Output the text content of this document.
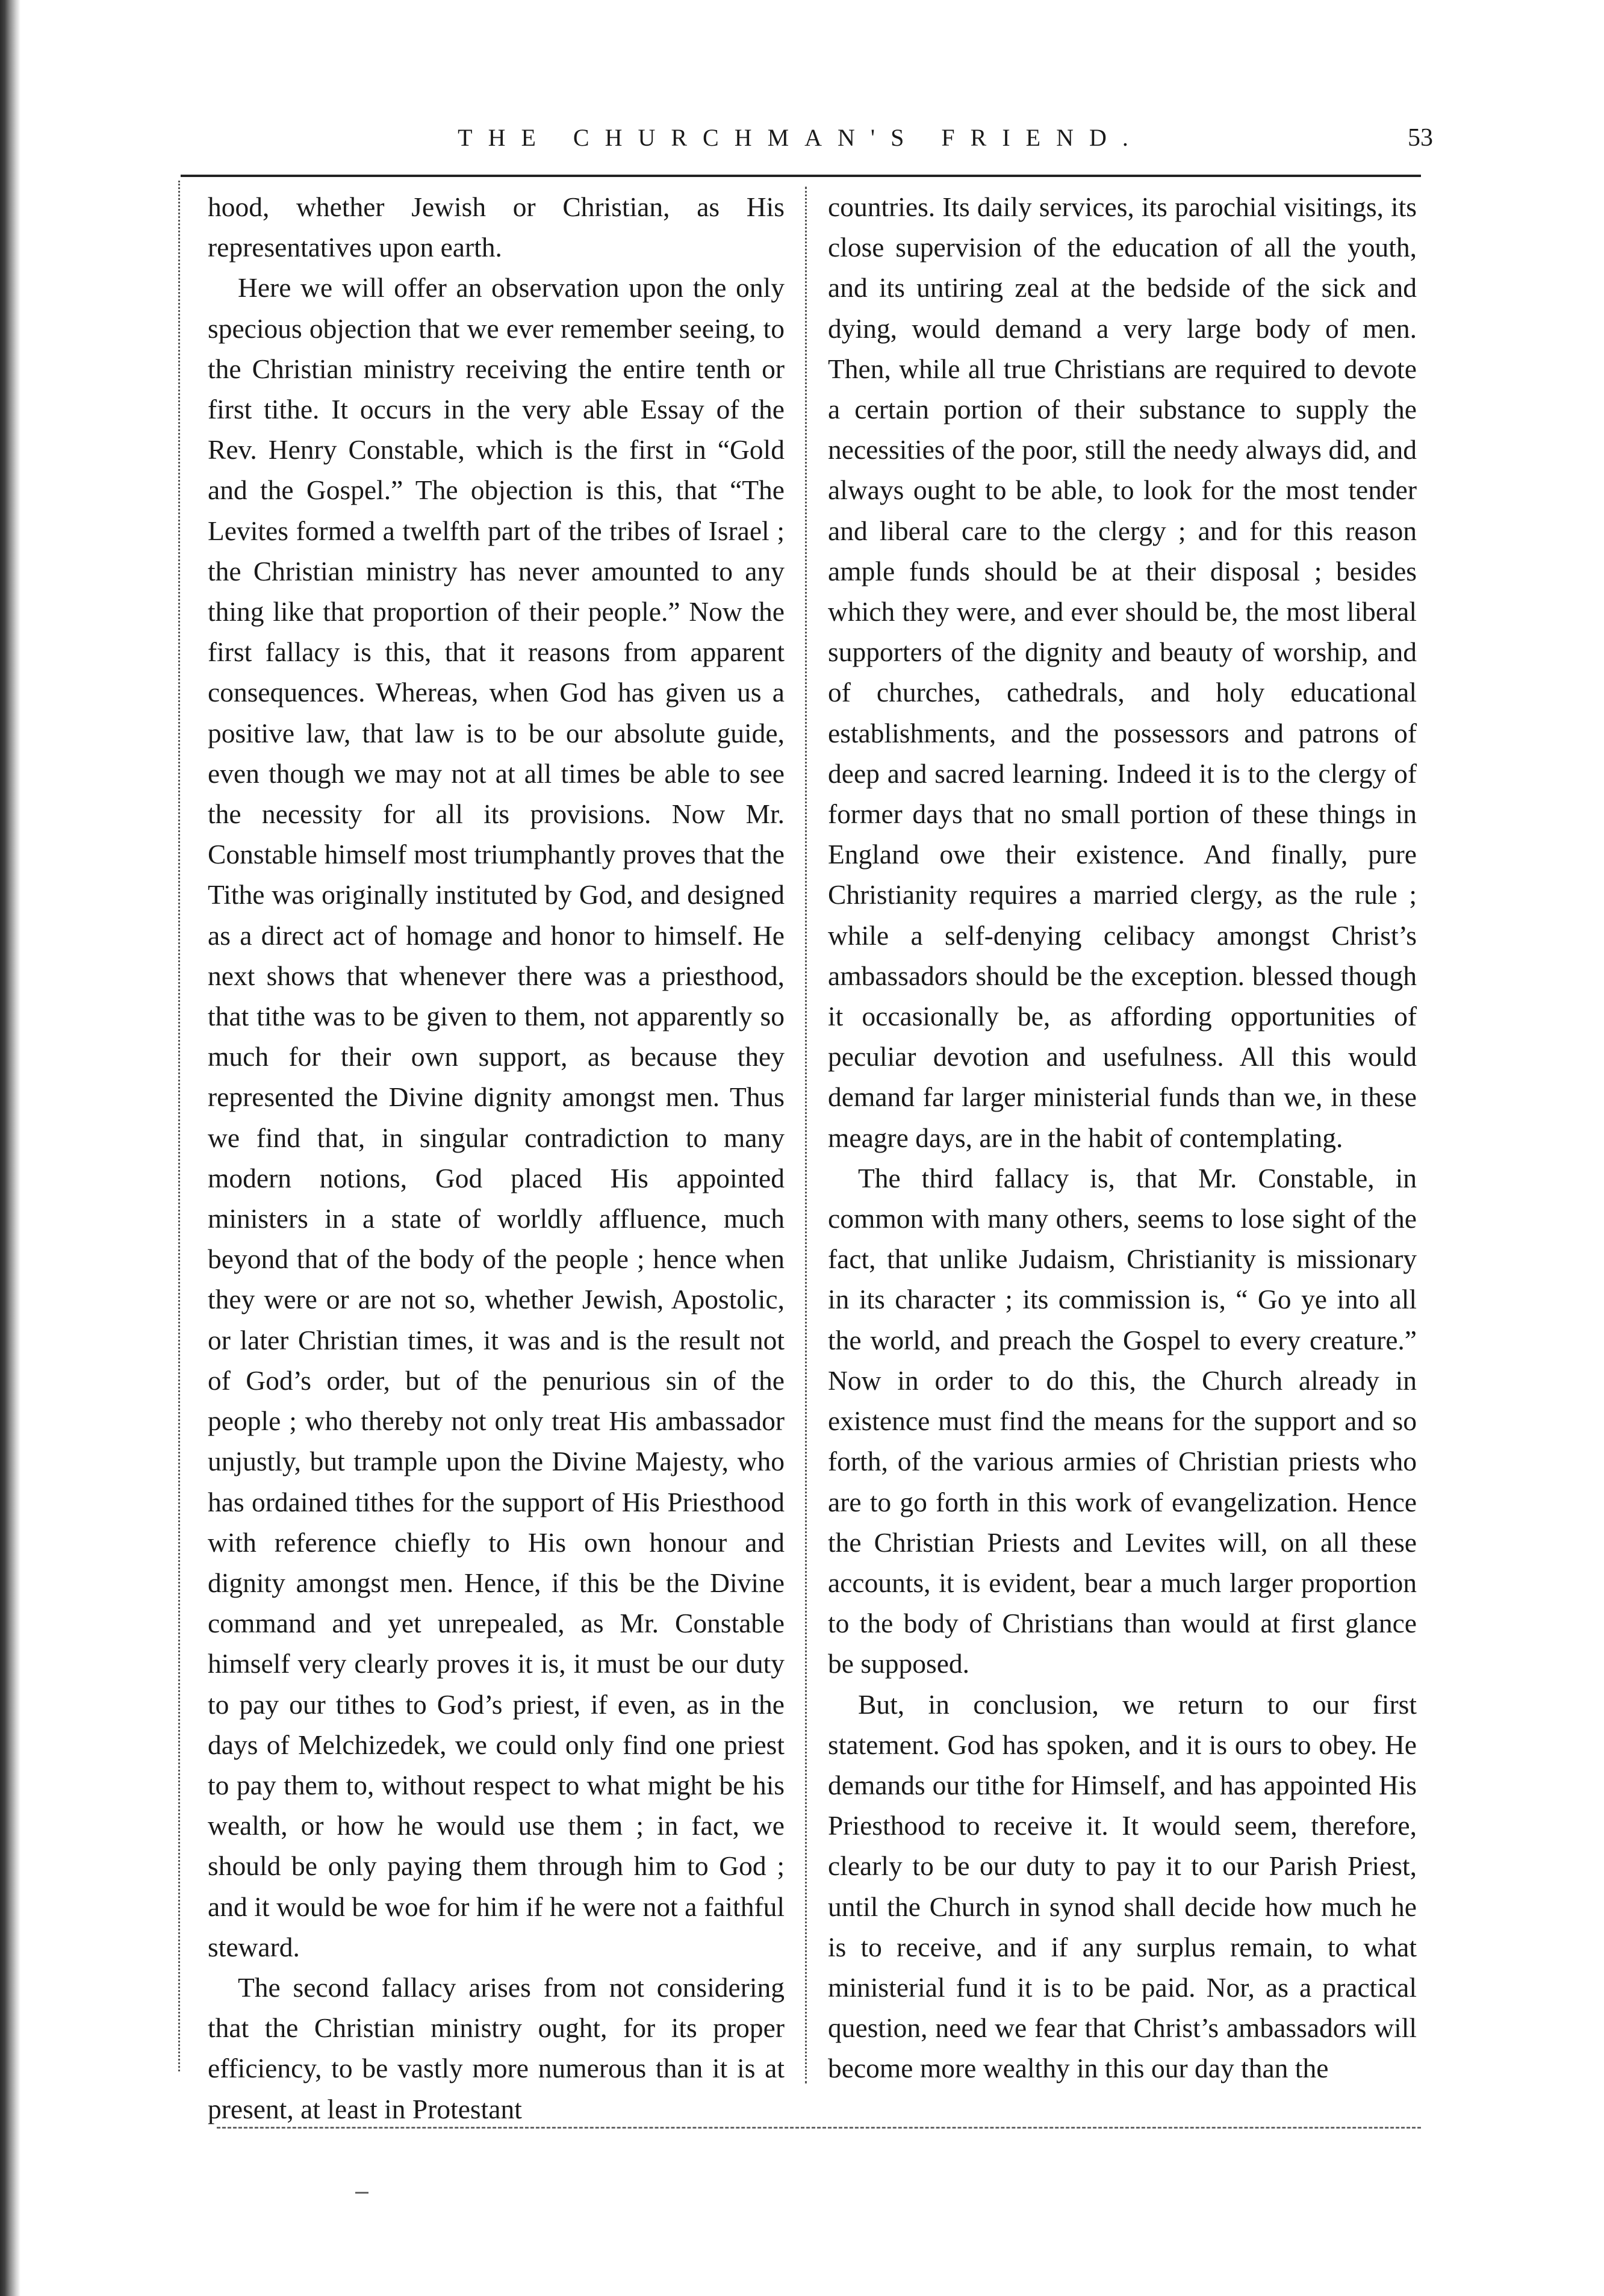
THE CHURCHMAN'S FRIEND.	53

hood, whether Jewish or Christian, as His representatives upon earth.

Here we will offer an observation upon the only specious objection that we ever remember seeing, to the Christian ministry receiving the entire tenth or first tithe. It occurs in the very able Essay of the Rev. Henry Constable, which is the first in “Gold and the Gospel.” The objection is this, that “The Levites formed a twelfth part of the tribes of Israel ; the Christian ministry has never amounted to any thing like that proportion of their people.” Now the first fallacy is this, that it reasons from apparent consequences. Whereas, when God has given us a positive law, that law is to be our absolute guide, even though we may not at all times be able to see the necessity for all its provisions. Now Mr. Constable himself most triumphantly proves that the Tithe was originally instituted by God, and designed as a direct act of homage and honor to himself. He next shows that whenever there was a priesthood, that tithe was to be given to them, not apparently so much for their own support, as because they represented the Divine dignity amongst men. Thus we find that, in singular contradiction to many modern notions, God placed His appointed ministers in a state of worldly affluence, much beyond that of the body of the people ; hence when they were or are not so, whether Jewish, Apostolic, or later Christian times, it was and is the result not of God’s order, but of the penurious sin of the people ; who thereby not only treat His ambassador unjustly, but trample upon the Divine Majesty, who has ordained tithes for the support of His Priesthood with reference chiefly to His own honour and dignity amongst men. Hence, if this be the Divine command and yet unrepealed, as Mr. Constable himself very clearly proves it is, it must be our duty to pay our tithes to God’s priest, if even, as in the days of Melchizedek, we could only find one priest to pay them to, without respect to what might be his wealth, or how he would use them ; in fact, we should be only paying them through him to God ; and it would be woe for him if he were not a faithful steward.

The second fallacy arises from not considering that the Christian ministry ought, for its proper efficiency, to be vastly more numerous than it is at present, at least in Protestant

countries. Its daily services, its parochial visitings, its close supervision of the education of all the youth, and its untiring zeal at the bedside of the sick and dying, would demand a very large body of men. Then, while all true Christians are required to devote a certain portion of their substance to supply the necessities of the poor, still the needy always did, and always ought to be able, to look for the most tender and liberal care to the clergy ; and for this reason ample funds should be at their disposal ; besides which they were, and ever should be, the most liberal supporters of the dignity and beauty of worship, and of churches, cathedrals, and holy educational establishments, and the possessors and patrons of deep and sacred learning. Indeed it is to the clergy of former days that no small portion of these things in England owe their existence. And finally, pure Christianity requires a married clergy, as the rule ; while a self-denying celibacy amongst Christ’s ambassadors should be the exception. blessed though it occasionally be, as affording opportunities of peculiar devotion and usefulness. All this would demand far larger ministerial funds than we, in these meagre days, are in the habit of contemplating.

The third fallacy is, that Mr. Constable, in common with many others, seems to lose sight of the fact, that unlike Judaism, Christianity is missionary in its character ; its commission is, “ Go ye into all the world, and preach the Gospel to every creature.” Now in order to do this, the Church already in existence must find the means for the support and so forth, of the various armies of Christian priests who are to go forth in this work of evangelization. Hence the Christian Priests and Levites will, on all these accounts, it is evident, bear a much larger proportion to the body of Christians than would at first glance be supposed.

But, in conclusion, we return to our first statement. God has spoken, and it is ours to obey. He demands our tithe for Himself, and has appointed His Priesthood to receive it. It would seem, therefore, clearly to be our duty to pay it to our Parish Priest, until the Church in synod shall decide how much he is to receive, and if any surplus remain, to what ministerial fund it is to be paid. Nor, as a practical question, need we fear that Christ’s ambassadors will become more wealthy in this our day than the
